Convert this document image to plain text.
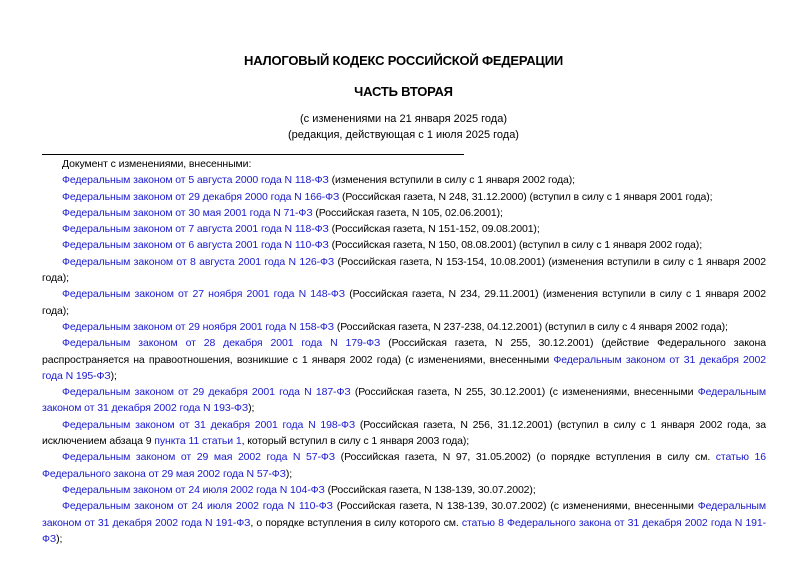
НАЛОГОВЫЙ КОДЕКС РОССИЙСКОЙ ФЕДЕРАЦИИ
ЧАСТЬ ВТОРАЯ
(с изменениями на 21 января 2025 года)
(редакция, действующая с 1 июля 2025 года)

Документ с изменениями, внесенными:

Федеральным законом от 5 августа 2000 года N 118-ФЗ (изменения вступили в силу с 1 января 2002 года);

Федеральным законом от 29 декабря 2000 года N 166-ФЗ (Российская газета, N 248, 31.12.2000) (вступил в силу с 1 января 2001 года);

Федеральным законом от 30 мая 2001 года N 71-ФЗ (Российская газета, N 105, 02.06.2001);

Федеральным законом от 7 августа 2001 года N 118-ФЗ (Российская газета, N 151-152, 09.08.2001);

Федеральным законом от 6 августа 2001 года N 110-ФЗ (Российская газета, N 150, 08.08.2001) (вступил в силу с 1 января 2002 года);

Федеральным законом от 8 августа 2001 года N 126-ФЗ (Российская газета, N 153-154, 10.08.2001) (изменения вступили в силу с 1 января 2002 года);

Федеральным законом от 27 ноября 2001 года N 148-ФЗ (Российская газета, N 234, 29.11.2001) (изменения вступили в силу с 1 января 2002 года);

Федеральным законом от 29 ноября 2001 года N 158-ФЗ (Российская газета, N 237-238, 04.12.2001) (вступил в силу с 4 января 2002 года);

Федеральным законом от 28 декабря 2001 года N 179-ФЗ (Российская газета, N 255, 30.12.2001) (действие Федерального закона распространяется на правоотношения, возникшие с 1 января 2002 года) (с изменениями, внесенными Федеральным законом от 31 декабря 2002 года N 195-ФЗ);

Федеральным законом от 29 декабря 2001 года N 187-ФЗ (Российская газета, N 255, 30.12.2001) (с изменениями, внесенными Федеральным законом от 31 декабря 2002 года N 193-ФЗ);

Федеральным законом от 31 декабря 2001 года N 198-ФЗ (Российская газета, N 256, 31.12.2001) (вступил в силу с 1 января 2002 года, за исключением абзаца 9 пункта 11 статьи 1, который вступил в силу с 1 января 2003 года);

Федеральным законом от 29 мая 2002 года N 57-ФЗ (Российская газета, N 97, 31.05.2002) (о порядке вступления в силу см. статью 16 Федерального закона от 29 мая 2002 года N 57-ФЗ);

Федеральным законом от 24 июля 2002 года N 104-ФЗ (Российская газета, N 138-139, 30.07.2002);

Федеральным законом от 24 июля 2002 года N 110-ФЗ (Российская газета, N 138-139, 30.07.2002) (с изменениями, внесенными Федеральным законом от 31 декабря 2002 года N 191-ФЗ, о порядке вступления в силу которого см. статью 8 Федерального закона от 31 декабря 2002 года N 191-ФЗ);
